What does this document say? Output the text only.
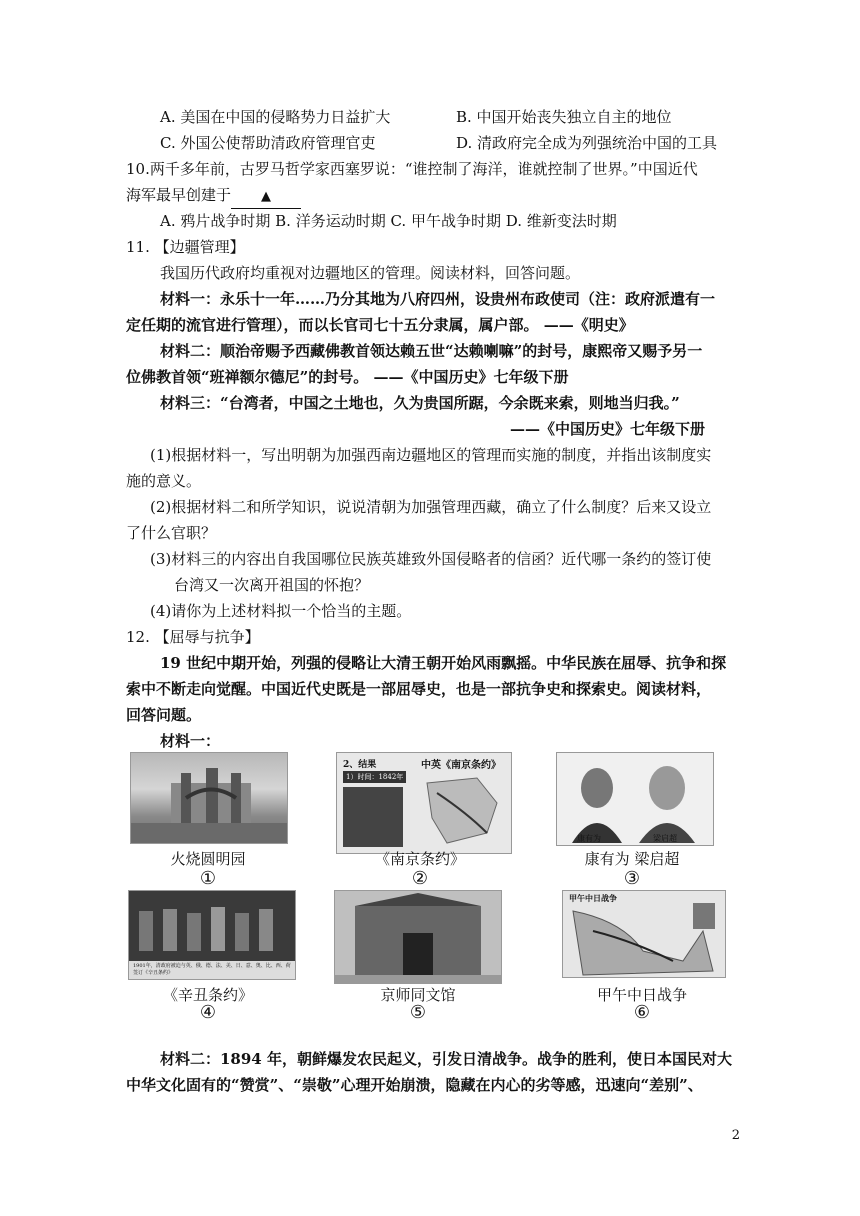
A. 美国在中国的侵略势力日益扩大	B. 中国开始丧失独立自主的地位
C. 外国公使帮助清政府管理官吏	D. 清政府完全成为列强统治中国的工具
10.两千多年前，古罗马哲学家西塞罗说：“谁控制了海洋，谁就控制了世界。”中国近代
海军最早创建于 ▲
A. 鸦片战争时期 B. 洋务运动时期 C. 甲午战争时期 D. 维新变法时期
11. 【边疆管理】
我国历代政府均重视对边疆地区的管理。阅读材料，回答问题。
材料一：永乐十一年……乃分其地为八府四州，设贵州布政使司（注：政府派遣有一
定任期的流官进行管理），而以长官司七十五分隶属，属户部。 ——《明史》
材料二：顺治帝赐予西藏佛教首领达赖五世“达赖喇嘛”的封号，康熙帝又赐予另一
位佛教首领“班禅额尔德尼”的封号。 ——《中国历史》七年级下册
材料三：“台湾者，中国之土地也，久为贵国所踞，今余既来索，则地当归我。”
——《中国历史》七年级下册
(1)根据材料一，写出明朝为加强西南边疆地区的管理而实施的制度，并指出该制度实
施的意义。
(2)根据材料二和所学知识，说说清朝为加强管理西藏，确立了什么制度？后来又设立
了什么官职？
(3)材料三的内容出自我国哪位民族英雄致外国侵略者的信函？近代哪一条约的签订使
台湾又一次离开祖国的怀抱？
(4)请你为上述材料拟一个恰当的主题。
12. 【屈辱与抗争】
19 世纪中期开始，列强的侵略让大清王朝开始风雨飘摇。中华民族在屈辱、抗争和探
索中不断走向觉醒。中国近代史既是一部屈辱史，也是一部抗争史和探索史。阅读材料，
回答问题。
材料一：
2、结果	中英《南京条约》
1）时间：1842年
康有为	梁启超
火烧圆明园
①
《南京条约》
②
康有为 梁启超
③
1901年，清政府被迫与英、俄、德、法、美、日、意、奥、比、西、荷签订《辛丑条约》
甲午中日战争
《辛丑条约》
④
京师同文馆
⑤
甲午中日战争
⑥
材料二：1894 年，朝鲜爆发农民起义，引发日清战争。战争的胜利，使日本国民对大
中华文化固有的“赞赏”、“崇敬”心理开始崩溃，隐藏在内心的劣等感，迅速向“差别”、
2
